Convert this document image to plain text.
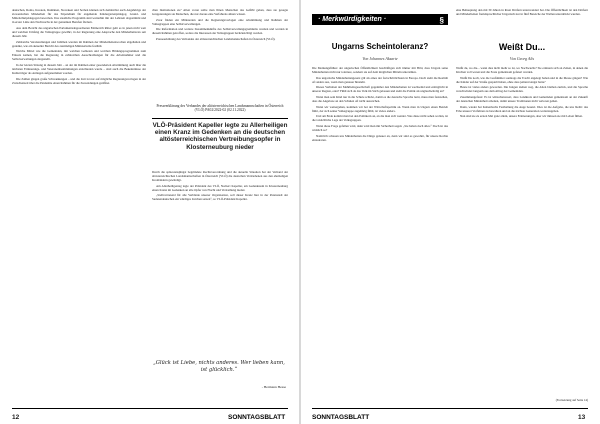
deutschen, Roma, Kroaten, Rumänen, Slowaken und Serben können sich demnächst auch Angehörige der slowenischen Minderheit für das Stipendium für angehende Kindergartenpädagog. Grund- und Mittelschulpädagogen bewerben. Das staatliche Programm sind weiterhin mit der Lehrzeit abgestimmt und in erster Linie den Nachwuchs in der genannten Berufen fördern.

Aus dem Bericht des ungarischen Parlamentsabgeordneten Emmerich Ritter geht es in jenen nicht weit und welchen Umfang die Volksgruppe gewährt, in der Regierung eine Ansprache den Minderheitsrats seit diesem Jahr.

Zahlreiche Veranstaltungen und Jubiläen wurden im Rahmen der Minderheitenwochen abgehalten und gedenkt, wie ein aktueller Bericht des zuständigen Ministeriums festhält.

Welche Mittel wie die Gemeinden, mit welchen Gebieten und welchen Bildungsprogrammen zum Einsatz kamen, hat die Regierung in zahlreichen Ausschreibungen für die Arbeitnehmer und die Selbstverwaltungen dargestellt.

In der letzten Sitzung in diesem Jahr – an der im Rahmen einer gesonderten Abstimmung auch über die nächsten Erinnerungs- und Veteranenbestimmungen entschieden wurde – sind auch die Bekenntnisse der Kulturträger als Anliegen aufgenommen worden.

Die Zahlen gingen große Schwankungen – und die Zeit ist nur auf mögliche Regierungsvorlagen in der Zwischenzeit über die Pandemie einen Rahmen für die Zuwendungen geöffnet.

chen Institutionen zu? Allen voran sollte man Ihnen Menschen das Gefühl geben, dass sie gesagte Gruppierungen sie Menschen, die nur daraus eine Verfahrens ahnen wissen.

Zwar finden ein Ministerien und die Regierungsvorlagen eine Abstimmung und Rahmen der Volksgruppen eine Selbstverwaltungen.

Die Reformation und weitere Zusammenkünfte des Selbstverwaltungsgremiums wurden und werden in diesem Rahmen getroffen, sodass die Interessen der Volksgruppen berücksichtigt werden.

Presseerklärung des Verbandes der altösterreichischen Landsmannschaften in Österreich (VLÖ).

Presseerklärung des Verbandes der altösterreichischen Landsmannschaften in Österreich (VLÖ) PA02/2022-02 (02.11.2022)
VLÖ-Präsident Kapeller legte zu Allerheiligen einen Kranz im Gedenken an die deutschen altösterreichischen Vertreibungsopfer in Klosterneuburg nieder

Durch die spätestensjüngst begründete Rechtsverordnung und die aktuelle Situation hat der Verband der altösterreichischen Landsmannschaften in Österreich (VLÖ) die deutschen Vertriebenen aus den ehemaligen Kronländern gewürdigt.

Am Allerheiligentag legte der Präsident des VLÖ, Norbert Kapeller, am Gedenkstein in Klosterneuburg einen Kranz im Gedenken an alle Opfer von Flucht und Vertreibung nieder.

„Stellvertretend für alle Verbände unserer Organisation, soll dieser Kranz hier in der Patenstadt der Sudetendeutschen ein würdiges Zeichen setzen“, so VLÖ-Präsident Kapeller.

„Glück ist Liebe, nichts anderes. Wer lieben kann, ist glücklich.“
- Hermann Hesse
12	SONNTAGSBLATT
· Merkwürdigkeiten ·	§
Ungarns Scheintoleranz?
Von Johannes Aksarte

Die Meinungsführer der ungarischen Öffentlichkeit beschäftigen sich immer mit Bild, dass Ungarn seine Minderheiten nicht nur toleriere, sondern sie auf dem möglichen Mitteln unterstütze.

Das ungarische Minderheitengesetz gilt als eines der fortschrittlichsten in Europa. Doch sieht die Realität oft anders aus, wenn man genauer hinsieht.

Dieses Verhalten der Mehrheitsgesellschaft gegenüber den Minderheiten ist wechselnd und ermöglicht in unserer Region, oder? Fühlt sich da das Volk im Stich gelassen und sieht die Politik als unglaubwürdig an?

Wenn man sein Kind nur in die Schule schickt, damit es die deutsche Sprache lernt, muss man feststellen, dass die Angebote an den Schulen oft nicht ausreichen.

Wenn wir weitergehen, kommen wir bei der Wirtschaftspolitik an. Wenn man in Ungarn einen Betrieb führt, der sich seiner Volksgruppe zugehörig fühlt, ist vieles anders.

Und am Ende kommt man bei den Politikern an, an die man sich wendet. Was diese nicht sehen wollen, ist die tatsächliche Lage der Volksgruppen.

Wenn diese Frage gefallen wird, dann wird man mit Sicherheit sagen: „Sie haben doch alles.“ Doch ist das wirklich so?

Natürlich schauen uns Minderheiten die Dinge genauer an, denn wir sind es gewohnt, für unsere Rechte einzutreten.

eine Behauptung den mit 30 Jahren in ihren Dörfern unterwandert hat. Die Öffentlichkeit ist den Dörfern und Minderheiten fremdsprachlicher Ungarisch nur in fünf Bereiche der Wellen unterdrückt wurden.

Weißt Du...
Von Georg Alis

Weißt du, wo die... wenn dies nicht mehr so ist, wo Nachwuchs? Sie erinnern sich an Zeiten, in denen die Kirchen voll waren und die Feste gemeinsam gefeiert wurden.

Weißt Du noch, wie die Großmütter sonntags die Tracht angelegt haben und in die Messe gingen? Wie die Kinder auf der Straße gespielt haben, ohne dass jemand Angst hatte?

Heute ist vieles anders geworden. Die Jungen ziehen weg, die Alten bleiben zurück, und die Sprache verschwindet langsam aus dem Alltag der Gemeinden.

Zusammengefasst: Es ist wünschenswert, dass Landkreis und Gemeinden gemeinsam an der Zukunft der deutschen Minderheit arbeiten, damit unsere Traditionen nicht verloren gehen.

Dann, wieder hat Kaltenbachs Festhaltung die Auge besetzt. Dies ist die Aufgabe, die uns bleibt: das Erbe unserer Vorfahren zu bewahren und an die nächste Generation weiterzugeben.

Nun sind sie zu ersten Mal ganz allein, unsere Erinnerungen, aber wir müssen sie mit Leben füllen.

(Fortsetzung auf Seite 14)
SONNTAGSBLATT	13
